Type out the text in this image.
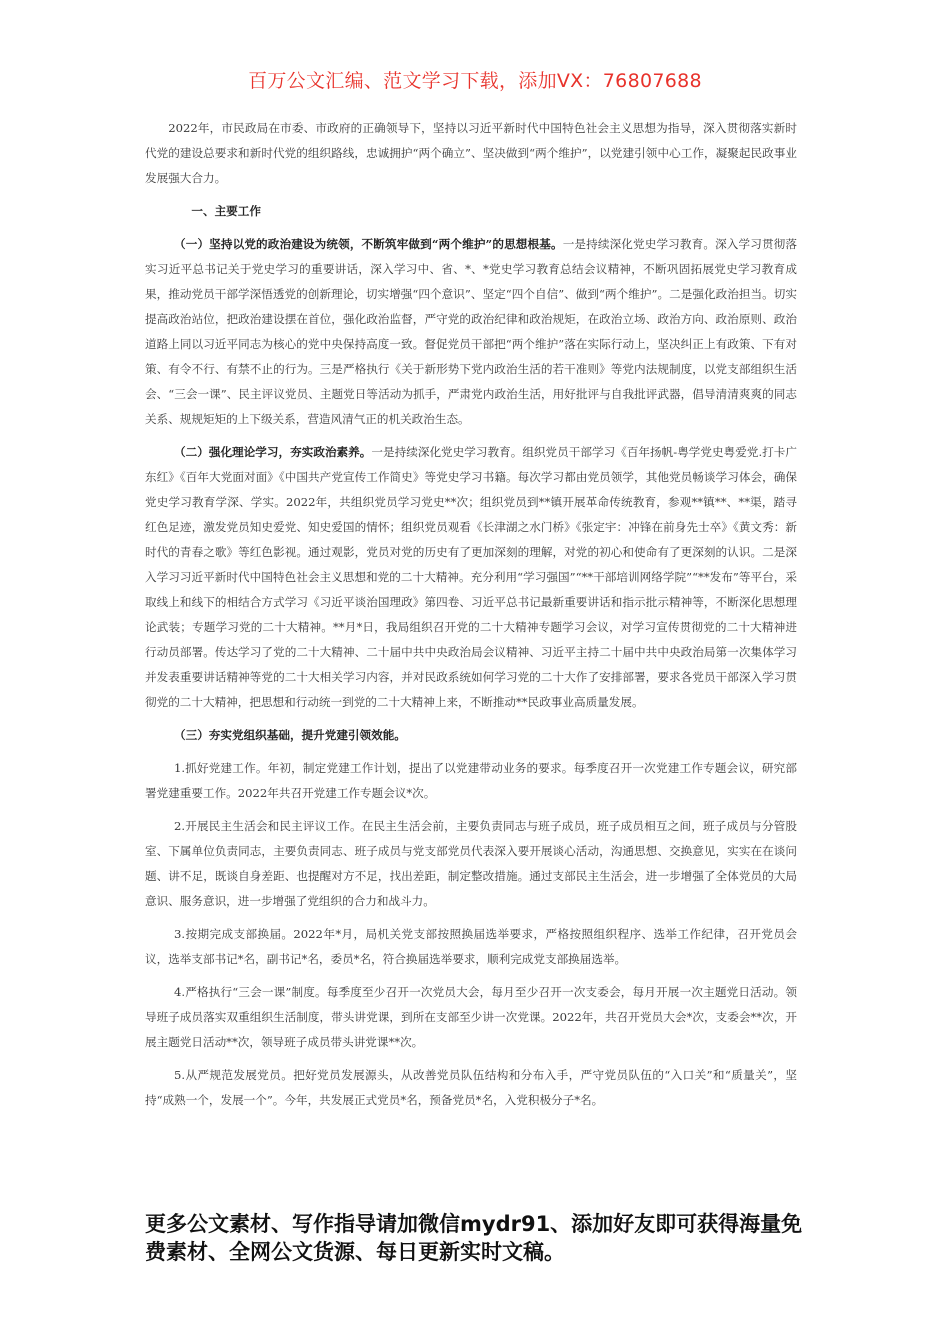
百万公文汇编、范文学习下载，添加VX：76807688

2022年，市民政局在市委、市政府的正确领导下，坚持以习近平新时代中国特色社会主义思想为指导，深入贯彻落实新时代党的建设总要求和新时代党的组织路线，忠诚拥护“两个确立”、坚决做到“两个维护”，以党建引领中心工作，凝聚起民政事业发展强大合力。

一、主要工作

（一）坚持以党的政治建设为统领，不断筑牢做到“两个维护”的思想根基。一是持续深化党史学习教育。深入学习贯彻落实习近平总书记关于党史学习的重要讲话，深入学习中、省、*、*党史学习教育总结会议精神，不断巩固拓展党史学习教育成果，推动党员干部学深悟透党的创新理论，切实增强“四个意识”、坚定“四个自信”、做到“两个维护”。二是强化政治担当。切实提高政治站位，把政治建设摆在首位，强化政治监督，严守党的政治纪律和政治规矩，在政治立场、政治方向、政治原则、政治道路上同以习近平同志为核心的党中央保持高度一致。督促党员干部把“两个维护”落在实际行动上，坚决纠正上有政策、下有对策、有令不行、有禁不止的行为。三是严格执行《关于新形势下党内政治生活的若干准则》等党内法规制度，以党支部组织生活会、“三会一课”、民主评议党员、主题党日等活动为抓手，严肃党内政治生活，用好批评与自我批评武器，倡导清清爽爽的同志关系、规规矩矩的上下级关系，营造风清气正的机关政治生态。

（二）强化理论学习，夯实政治素养。一是持续深化党史学习教育。组织党员干部学习《百年扬帆-粤学党史粤爱党.打卡广东红》《百年大党面对面》《中国共产党宣传工作简史》等党史学习书籍。每次学习都由党员领学，其他党员畅谈学习体会，确保党史学习教育学深、学实。2022年，共组织党员学习党史**次；组织党员到**镇开展革命传统教育，参观**镇**、**渠，踏寻红色足迹，激发党员知史爱党、知史爱国的情怀；组织党员观看《长津湖之水门桥》《张定宇：冲锋在前身先士卒》《黄文秀：新时代的青春之歌》等红色影视。通过观影，党员对党的历史有了更加深刻的理解，对党的初心和使命有了更深刻的认识。二是深入学习习近平新时代中国特色社会主义思想和党的二十大精神。充分利用“学习强国”“**干部培训网络学院”“**发布”等平台，采取线上和线下的相结合方式学习《习近平谈治国理政》第四卷、习近平总书记最新重要讲话和指示批示精神等，不断深化思想理论武装；专题学习党的二十大精神。**月*日，我局组织召开党的二十大精神专题学习会议，对学习宣传贯彻党的二十大精神进行动员部署。传达学习了党的二十大精神、二十届中共中央政治局会议精神、习近平主持二十届中共中央政治局第一次集体学习并发表重要讲话精神等党的二十大相关学习内容，并对民政系统如何学习党的二十大作了安排部署，要求各党员干部深入学习贯彻党的二十大精神，把思想和行动统一到党的二十大精神上来，不断推动**民政事业高质量发展。

（三）夯实党组织基础，提升党建引领效能。

1.抓好党建工作。年初，制定党建工作计划，提出了以党建带动业务的要求。每季度召开一次党建工作专题会议，研究部署党建重要工作。2022年共召开党建工作专题会议*次。

2.开展民主生活会和民主评议工作。在民主生活会前，主要负责同志与班子成员，班子成员相互之间，班子成员与分管股室、下属单位负责同志，主要负责同志、班子成员与党支部党员代表深入要开展谈心活动，沟通思想、交换意见，实实在在谈问题、讲不足，既谈自身差距、也提醒对方不足，找出差距，制定整改措施。通过支部民主生活会，进一步增强了全体党员的大局意识、服务意识，进一步增强了党组织的合力和战斗力。

3.按期完成支部换届。2022年*月，局机关党支部按照换届选举要求，严格按照组织程序、选举工作纪律，召开党员会议，选举支部书记*名，副书记*名，委员*名，符合换届选举要求，顺利完成党支部换届选举。

4.严格执行“三会一课”制度。每季度至少召开一次党员大会，每月至少召开一次支委会，每月开展一次主题党日活动。领导班子成员落实双重组织生活制度，带头讲党课，到所在支部至少讲一次党课。2022年，共召开党员大会*次，支委会**次，开展主题党日活动**次，领导班子成员带头讲党课**次。

5.从严规范发展党员。把好党员发展源头，从改善党员队伍结构和分布入手，严守党员队伍的“入口关”和“质量关”，坚持“成熟一个，发展一个”。今年，共发展正式党员*名，预备党员*名，入党积极分子*名。

更多公文素材、写作指导请加微信mydr91、添加好友即可获得海量免费素材、全网公文货源、每日更新实时文稿。
